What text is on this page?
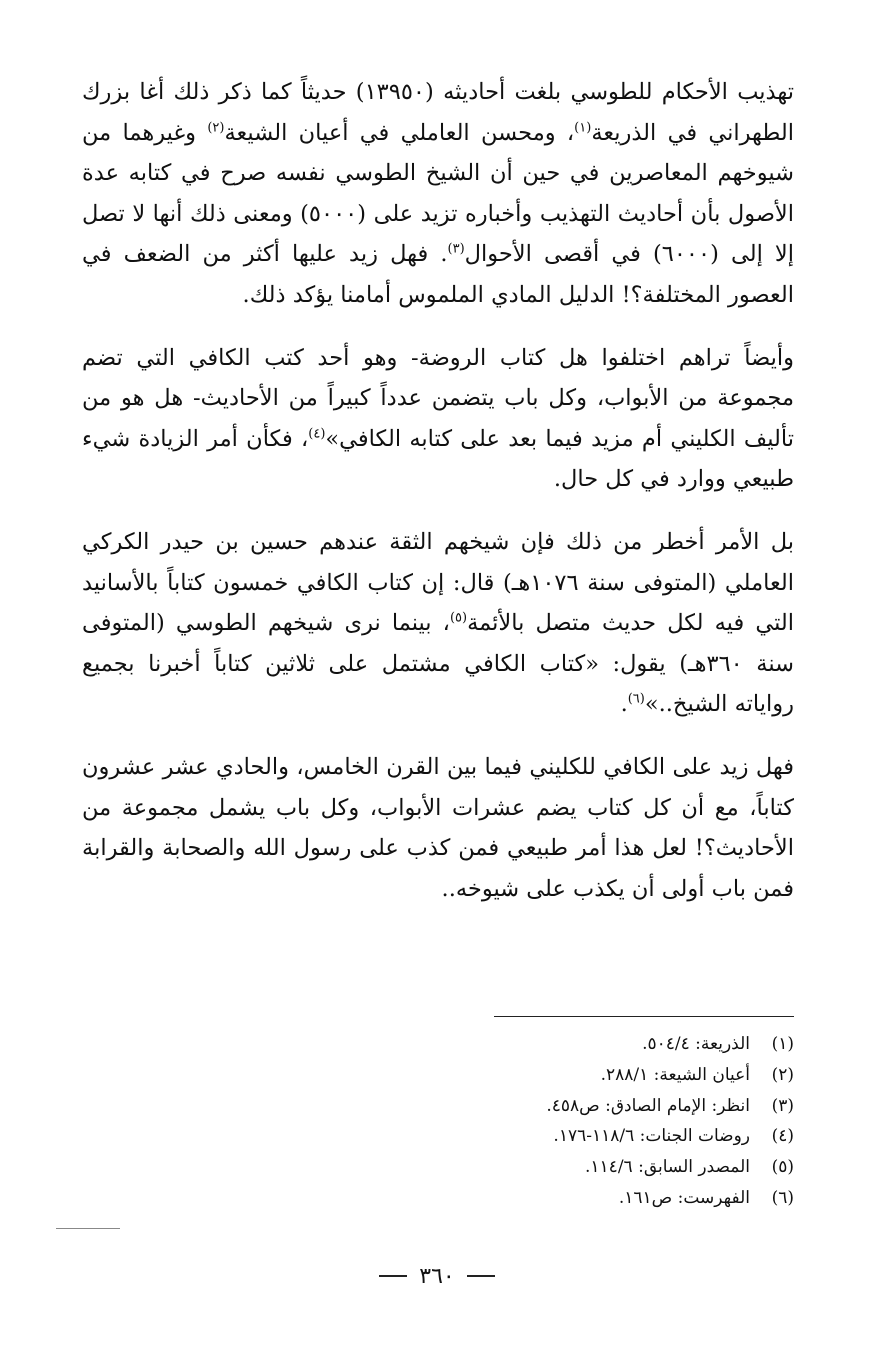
تهذيب الأحكام للطوسي بلغت أحاديثه (١٣٩٥٠) حديثاً كما ذكر ذلك أغا بزرك الطهراني في الذريعة$^{(١)}$، ومحسن العاملي في أعيان الشيعة$^{(٢)}$ وغيرهما من شيوخهم المعاصرين في حين أن الشيخ الطوسي نفسه صرح في كتابه عدة الأصول بأن أحاديث التهذيب وأخباره تزيد على (٥٠٠٠) ومعنى ذلك أنها لا تصل إلا إلى (٦٠٠٠) في أقصى الأحوال$^{(٣)}$. فهل زيد عليها أكثر من الضعف في العصور المختلفة؟! الدليل المادي الملموس أمامنا يؤكد ذلك.

وأيضاً تراهم اختلفوا هل كتاب الروضة- وهو أحد كتب الكافي التي تضم مجموعة من الأبواب، وكل باب يتضمن عدداً كبيراً من الأحاديث- هل هو من تأليف الكليني أم مزيد فيما بعد على كتابه الكافي»$^{(٤)}$، فكأن أمر الزيادة شيء طبيعي ووارد في كل حال.

بل الأمر أخطر من ذلك فإن شيخهم الثقة عندهم حسين بن حيدر الكركي العاملي (المتوفى سنة ١٠٧٦هـ) قال: إن كتاب الكافي خمسون كتاباً بالأسانيد التي فيه لكل حديث متصل بالأئمة$^{(٥)}$، بينما نرى شيخهم الطوسي (المتوفى سنة ٣٦٠هـ) يقول: «كتاب الكافي مشتمل على ثلاثين كتاباً أخبرنا بجميع رواياته الشيخ..»$^{(٦)}$.

فهل زيد على الكافي للكليني فيما بين القرن الخامس، والحادي عشر عشرون كتاباً، مع أن كل كتاب يضم عشرات الأبواب، وكل باب يشمل مجموعة من الأحاديث؟! لعل هذا أمر طبيعي فمن كذب على رسول الله والصحابة والقرابة فمن باب أولى أن يكذب على شيوخه..

(١)الذريعة: ٥٠٤/٤.
(٢)أعيان الشيعة: ٢٨٨/١.
(٣)انظر: الإمام الصادق: ص٤٥٨.
(٤)روضات الجنات: ١١٨/٦-١٧٦.
(٥)المصدر السابق: ١١٤/٦.
(٦)الفهرست: ص١٦١.
٣٦٠
